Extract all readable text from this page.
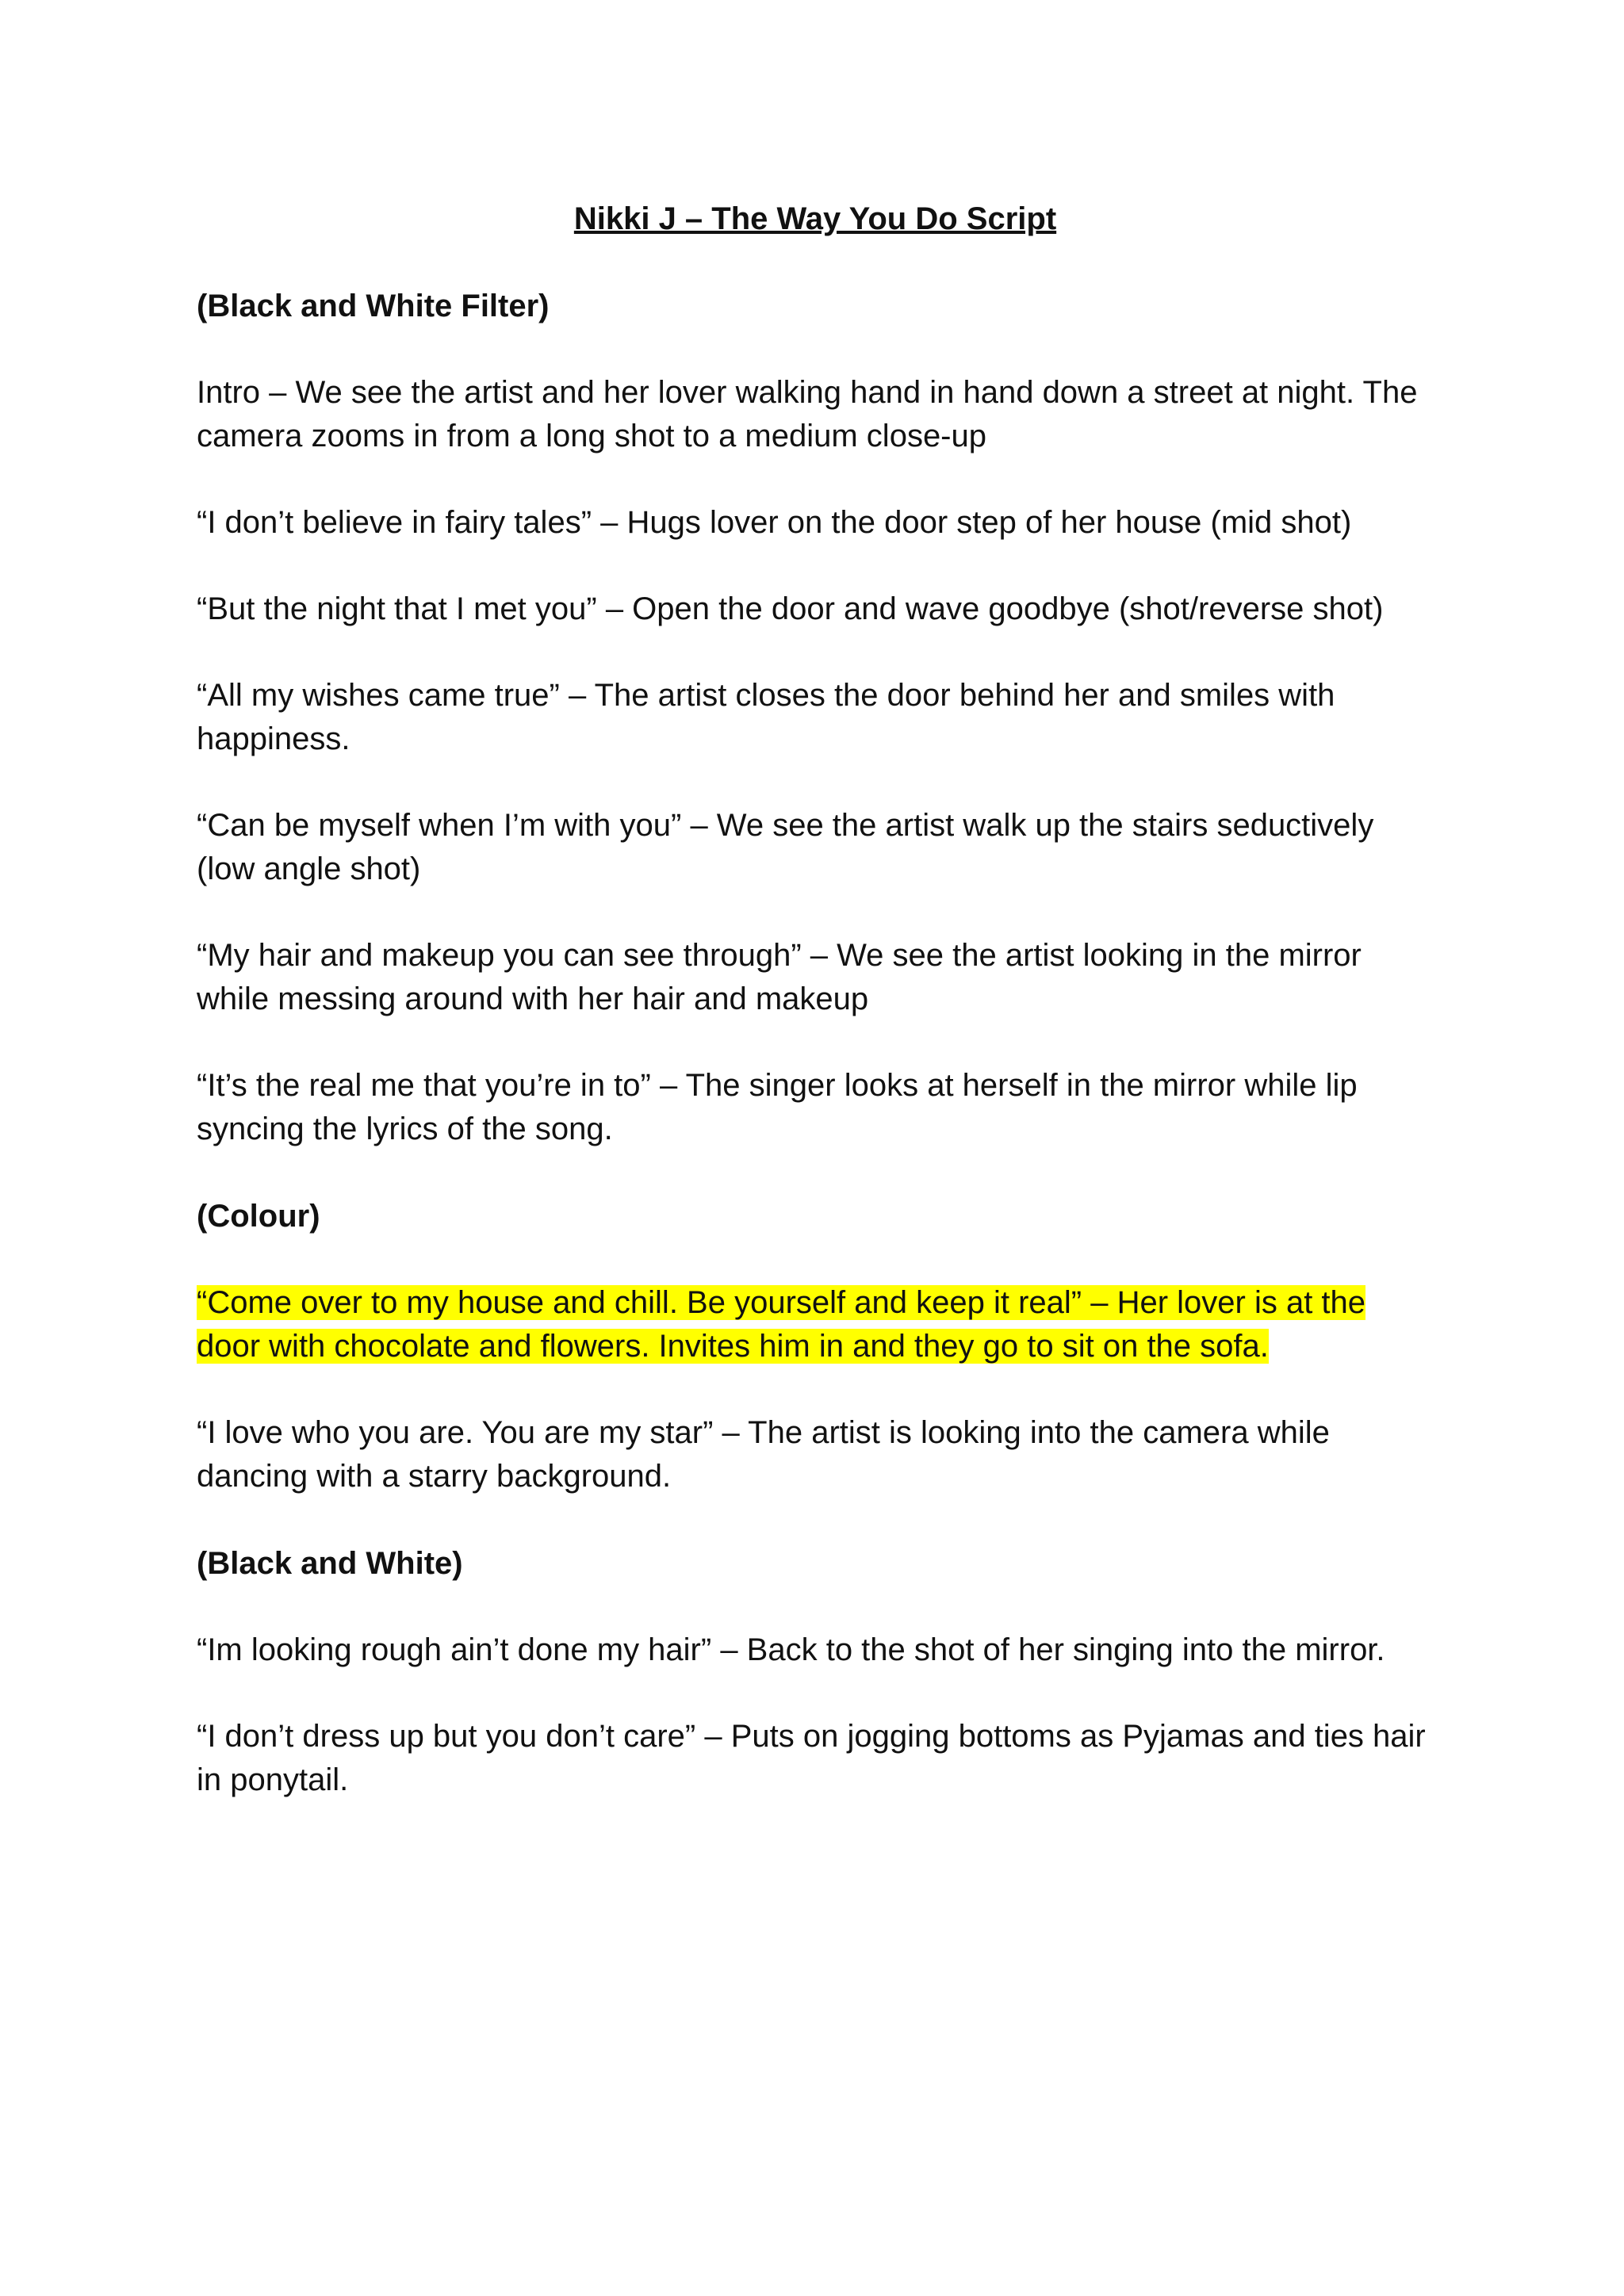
Nikki J – The Way You Do Script
(Black and White Filter)
Intro – We see the artist and her lover walking hand in hand down a street at night. The camera zooms in from a long shot to a medium close-up
“I don’t believe in fairy tales” – Hugs lover on the door step of her house (mid shot)
“But the night that I met you” – Open the door and wave goodbye (shot/reverse shot)
“All my wishes came true” – The artist closes the door behind her and smiles with happiness.
“Can be myself when I’m with you” – We see the artist walk up the stairs seductively (low angle shot)
“My hair and makeup you can see through” – We see the artist looking in the mirror while messing around with her hair and makeup
“It’s the real me that you’re in to” – The singer looks at herself in the mirror while lip syncing the lyrics of the song.
(Colour)
“Come over to my house and chill. Be yourself and keep it real” – Her lover is at the door with chocolate and flowers. Invites him in and they go to sit on the sofa.
“I love who you are. You are my star” – The artist is looking into the camera while dancing with a starry background.
(Black and White)
“Im looking rough ain’t done my hair” – Back to the shot of her singing into the mirror.
“I don’t dress up but you don’t care” – Puts on jogging bottoms as Pyjamas and ties hair in ponytail.
